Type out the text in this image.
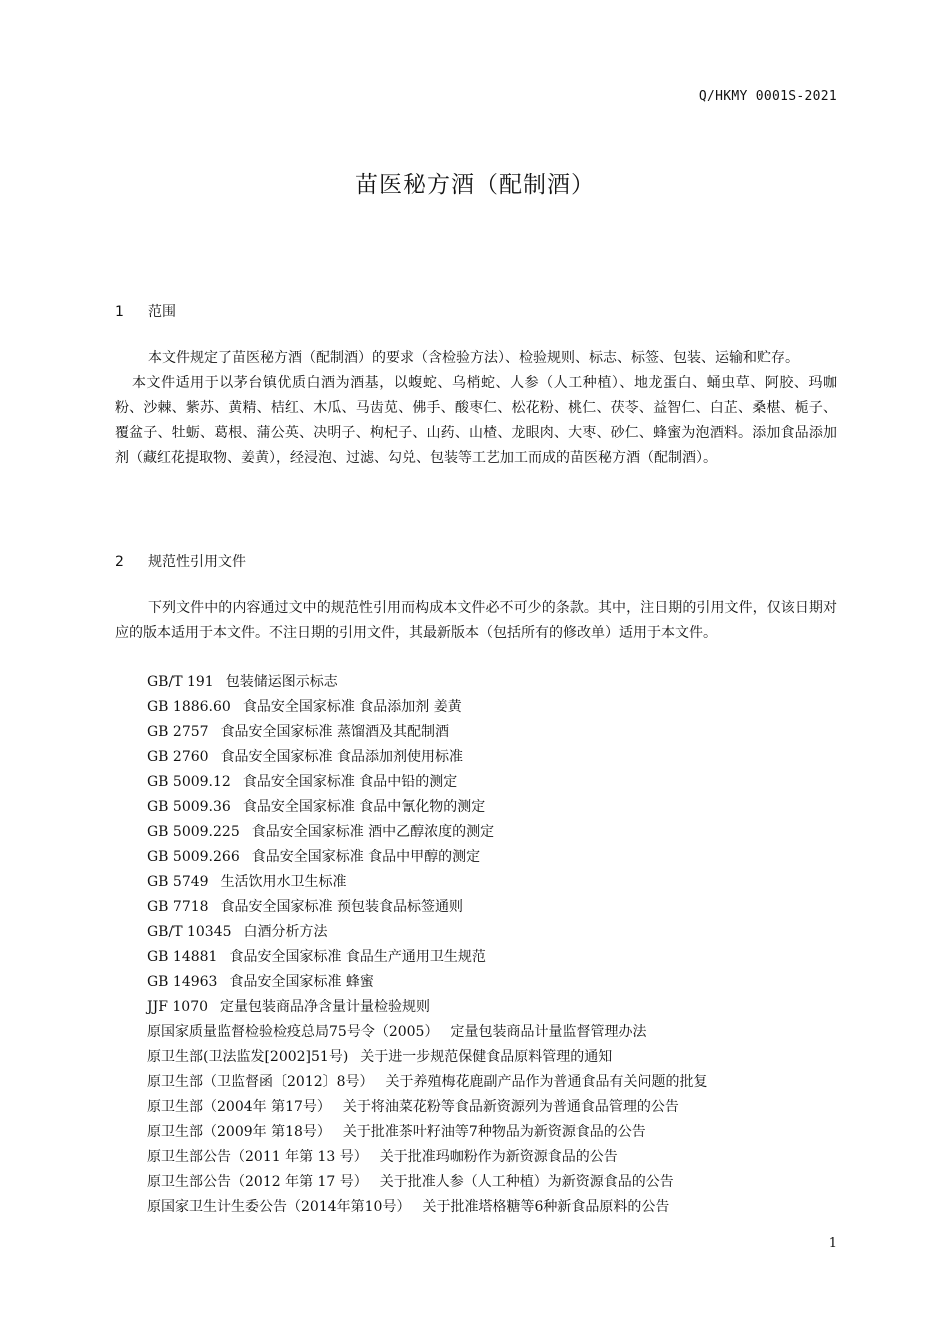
Q/HKMY 0001S-2021
苗医秘方酒（配制酒）
1 范围

本文件规定了苗医秘方酒（配制酒）的要求（含检验方法）、检验规则、标志、标签、包装、运输和贮存。

本文件适用于以茅台镇优质白酒为酒基，以蝮蛇、乌梢蛇、人参（人工种植）、地龙蛋白、蛹虫草、阿胶、玛咖粉、沙棘、紫苏、黄精、桔红、木瓜、马齿苋、佛手、酸枣仁、松花粉、桃仁、茯苓、益智仁、白芷、桑椹、栀子、覆盆子、牡蛎、葛根、蒲公英、决明子、枸杞子、山药、山楂、龙眼肉、大枣、砂仁、蜂蜜为泡酒料。添加食品添加剂（藏红花提取物、姜黄），经浸泡、过滤、勾兑、包装等工艺加工而成的苗医秘方酒（配制酒）。

2 规范性引用文件

下列文件中的内容通过文中的规范性引用而构成本文件必不可少的条款。其中，注日期的引用文件，仅该日期对应的版本适用于本文件。不注日期的引用文件，其最新版本（包括所有的修改单）适用于本文件。

GB/T 191 包装储运图示标志
GB 1886.60 食品安全国家标准 食品添加剂 姜黄
GB 2757 食品安全国家标准 蒸馏酒及其配制酒
GB 2760 食品安全国家标准 食品添加剂使用标准
GB 5009.12 食品安全国家标准 食品中铅的测定
GB 5009.36 食品安全国家标准 食品中氰化物的测定
GB 5009.225 食品安全国家标准 酒中乙醇浓度的测定
GB 5009.266 食品安全国家标准 食品中甲醇的测定
GB 5749 生活饮用水卫生标准
GB 7718 食品安全国家标准 预包装食品标签通则
GB/T 10345 白酒分析方法
GB 14881 食品安全国家标准 食品生产通用卫生规范
GB 14963 食品安全国家标准 蜂蜜
JJF 1070 定量包装商品净含量计量检验规则
原国家质量监督检验检疫总局75号令（2005） 定量包装商品计量监督管理办法
原卫生部(卫法监发[2002]51号) 关于进一步规范保健食品原料管理的通知
原卫生部（卫监督函〔2012〕8号） 关于养殖梅花鹿副产品作为普通食品有关问题的批复
原卫生部（2004年 第17号） 关于将油菜花粉等食品新资源列为普通食品管理的公告
原卫生部（2009年 第18号） 关于批准茶叶籽油等7种物品为新资源食品的公告
原卫生部公告（2011 年第 13 号） 关于批准玛咖粉作为新资源食品的公告
原卫生部公告（2012 年第 17 号） 关于批准人参（人工种植）为新资源食品的公告
原国家卫生计生委公告（2014年第10号） 关于批准塔格糖等6种新食品原料的公告
1
